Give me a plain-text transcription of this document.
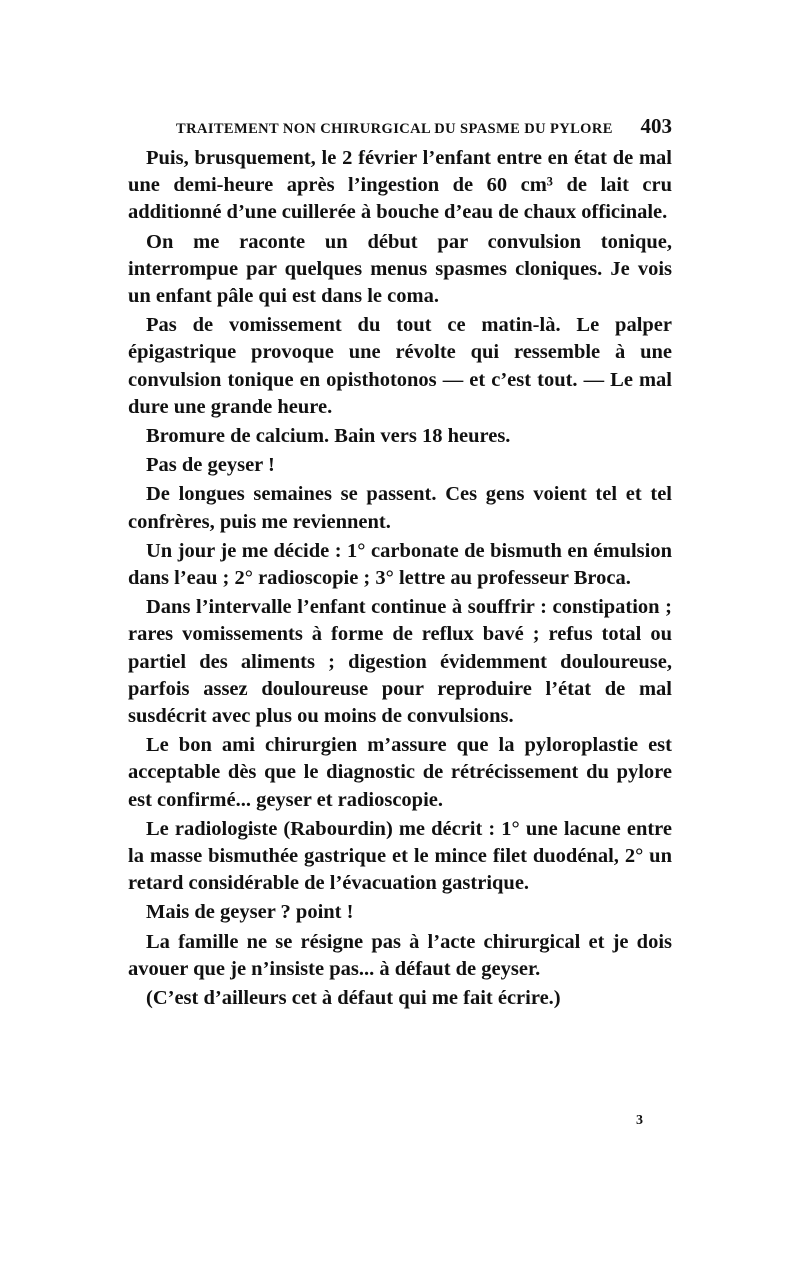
TRAITEMENT NON CHIRURGICAL DU SPASME DU PYLORE 403

Puis, brusquement, le 2 février l’enfant entre en état de mal une demi-heure après l’ingestion de 60 cm³ de lait cru additionné d’une cuillerée à bouche d’eau de chaux officinale.

On me raconte un début par convulsion tonique, interrompue par quelques menus spasmes cloniques. Je vois un enfant pâle qui est dans le coma.

Pas de vomissement du tout ce matin-là. Le palper épigastrique provoque une révolte qui ressemble à une convulsion tonique en opisthotonos — et c’est tout. — Le mal dure une grande heure.

Bromure de calcium. Bain vers 18 heures.

Pas de geyser !

De longues semaines se passent. Ces gens voient tel et tel confrères, puis me reviennent.

Un jour je me décide : 1° carbonate de bismuth en émulsion dans l’eau ; 2° radioscopie ; 3° lettre au professeur Broca.

Dans l’intervalle l’enfant continue à souffrir : constipation ; rares vomissements à forme de reflux bavé ; refus total ou partiel des aliments ; digestion évidemment douloureuse, parfois assez douloureuse pour reproduire l’état de mal susdécrit avec plus ou moins de convulsions.

Le bon ami chirurgien m’assure que la pyloroplastie est acceptable dès que le diagnostic de rétrécissement du pylore est confirmé... geyser et radioscopie.

Le radiologiste (Rabourdin) me décrit : 1° une lacune entre la masse bismuthée gastrique et le mince filet duodénal, 2° un retard considérable de l’évacuation gastrique.

Mais de geyser ? point !

La famille ne se résigne pas à l’acte chirurgical et je dois avouer que je n’insiste pas... à défaut de geyser.

(C’est d’ailleurs cet à défaut qui me fait écrire.)

3
